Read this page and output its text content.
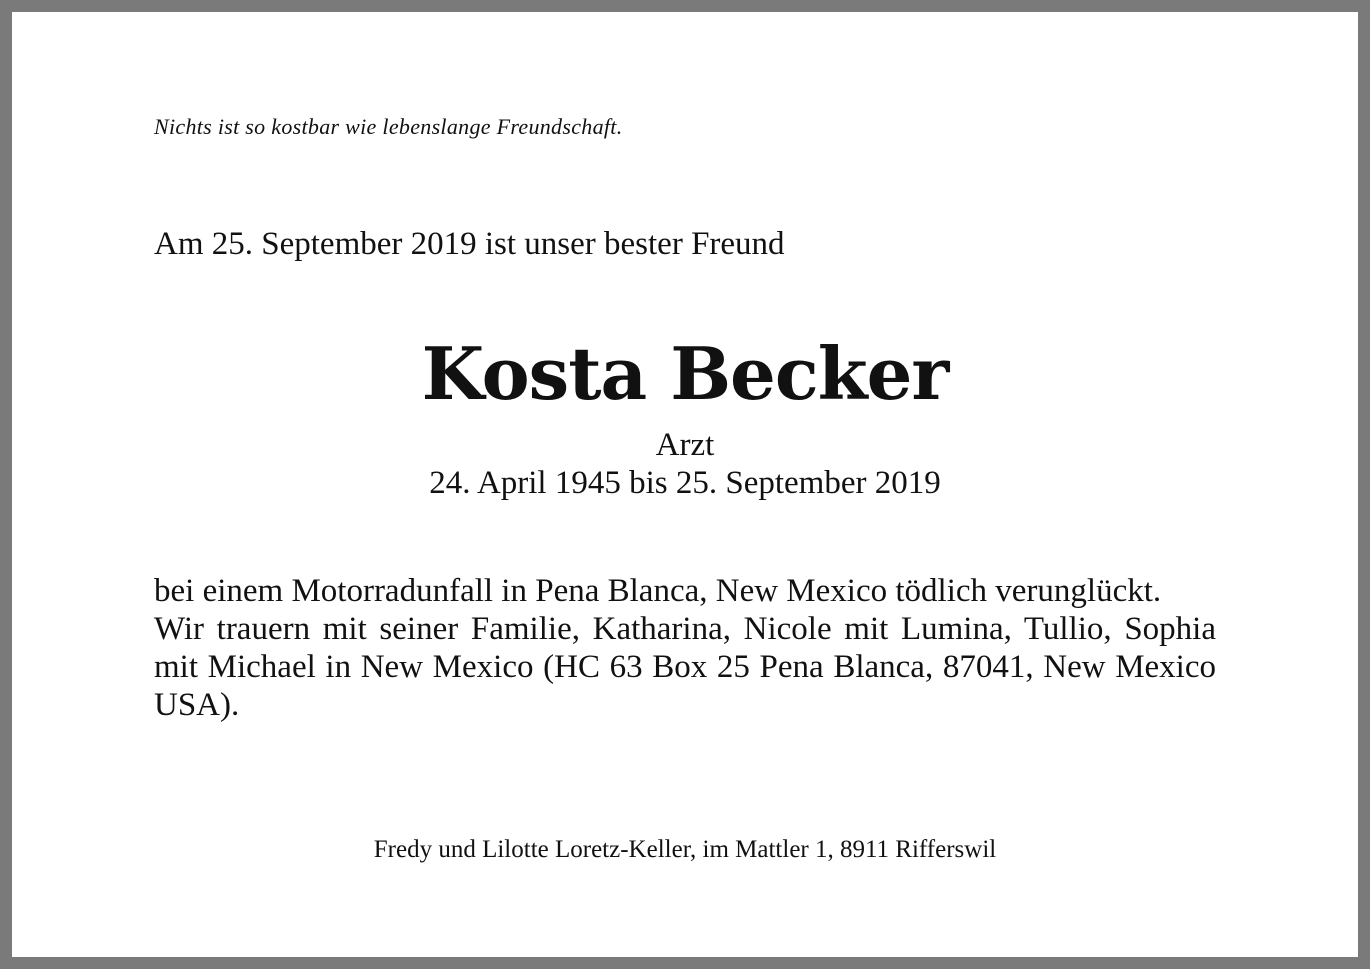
Nichts ist so kostbar wie lebenslange Freundschaft.
Am 25. September 2019 ist unser bester Freund
Kosta Becker
Arzt
24. April 1945 bis 25. September 2019

bei einem Motorradunfall in Pena Blanca, New Mexico tödlich verunglückt.

Wir trauern mit seiner Familie, Katharina, Nicole mit Lumina, Tullio, Sophia mit Michael in New Mexico (HC 63 Box 25 Pena Blanca, 87041, New Mexico USA).

Fredy und Lilotte Loretz-Keller, im Mattler 1, 8911 Rifferswil
